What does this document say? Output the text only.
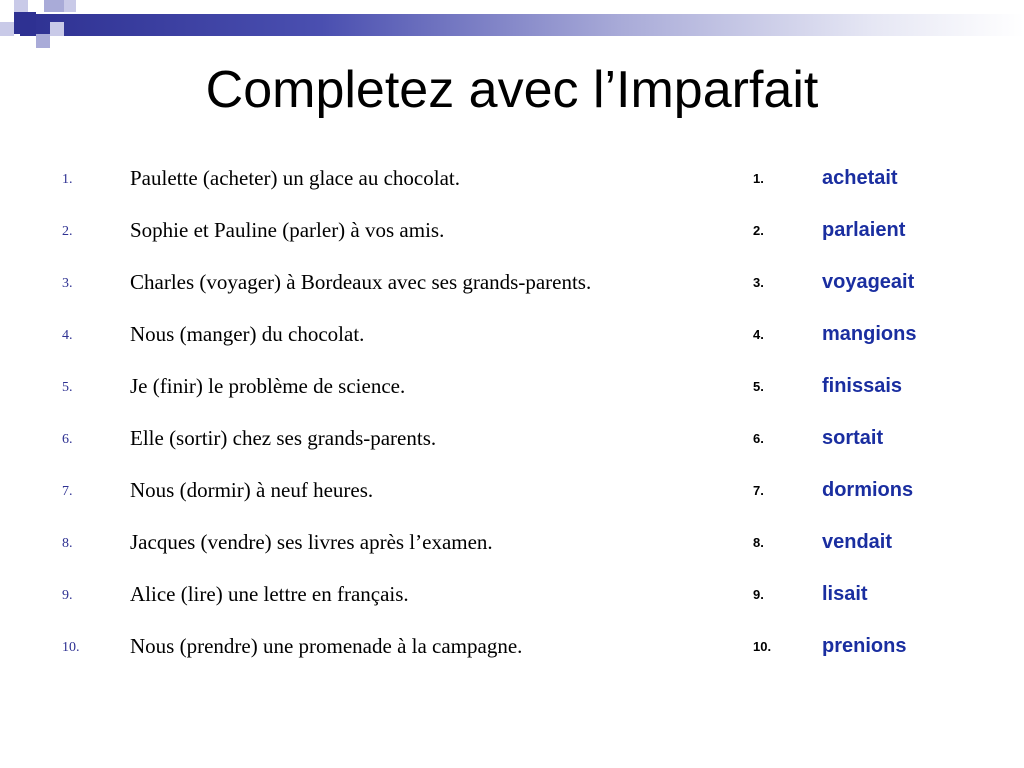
Completez avec l’Imparfait
1.	Paulette (acheter) un glace au chocolat.
2.	Sophie et Pauline (parler) à vos amis.
3.	Charles (voyager) à Bordeaux avec ses grands-parents.
4.	Nous (manger) du chocolat.
5.	Je (finir) le problème de science.
6.	Elle (sortir) chez ses grands-parents.
7.	Nous (dormir) à neuf heures.
8.	Jacques (vendre) ses livres après l’examen.
9.	Alice (lire) une lettre en français.
10. Nous (prendre) une promenade à la campagne.
1.	achetait
2.	parlaient
3.	voyageait
4.	mangions
5.	finissais
6.	sortait
7.	dormions
8.	vendait
9.	lisait
10.	prenions
